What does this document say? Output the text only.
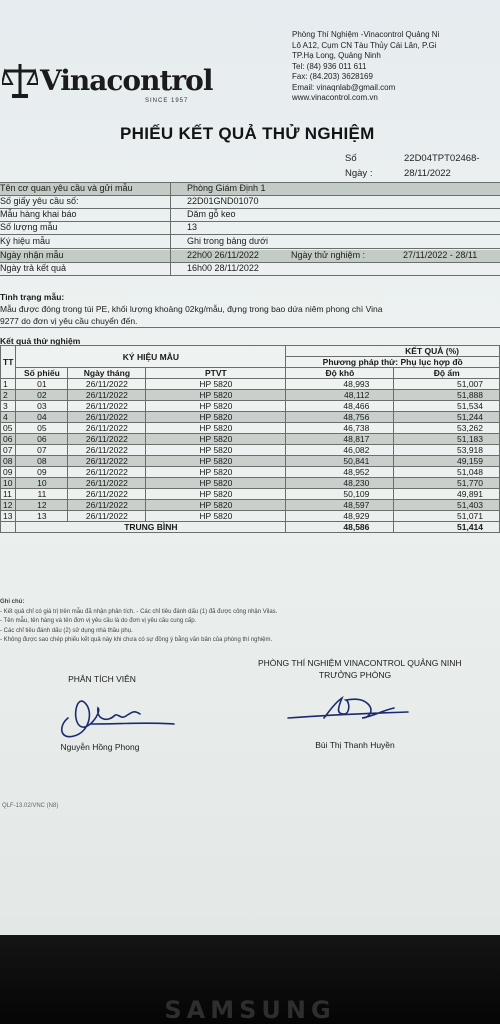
Vinacontrol
SINCE 1957
Phòng Thí Nghiệm -Vinacontrol Quảng Ni
Lô A12, Cụm CN Tàu Thủy Cái Lân, P.Gi
TP.Hạ Long, Quảng Ninh
Tel: (84) 936 011 611
Fax: (84.203) 3628169
Email: vinaqnlab@gmail.com
www.vinacontrol.com.vn
PHIẾU KẾT QUẢ THỬ NGHIỆM
Số	22D04TPT02468-
Ngày :	28/11/2022
Tên cơ quan yêu cầu và gửi mẫu	Phòng Giám Định 1
Số giấy yêu cầu số:	22D01GND01070
Mẫu hàng khai báo	Dăm gỗ keo
Số lượng mẫu	13
Ký hiệu mẫu	Ghi trong bảng dưới
Ngày nhận mẫu	22h00 26/11/2022	Ngày thử nghiệm :	27/11/2022 - 28/11
Ngày trả kết quả	16h00 28/11/2022
Tình trạng mẫu:
Mẫu được đóng trong túi PE, khối lượng khoảng 02kg/mẫu, đựng trong bao dứa niêm phong chì Vina
9277 do đơn vị yêu cầu chuyển đến.
Kết quả thử nghiệm
TT	KÝ HIỆU MẪU			KẾT QUẢ (%)	
				Phương pháp thử: Phụ lục hợp đồ	
	Số phiếu	Ngày tháng	PTVT	Độ khô	Độ ẩm
1	01	26/11/2022	HP 5820	48,993	51,007
2	02	26/11/2022	HP 5820	48,112	51,888
3	03	26/11/2022	HP 5820	48,466	51,534
4	04	26/11/2022	HP 5820	48,756	51,244
05	05	26/11/2022	HP 5820	46,738	53,262
06	06	26/11/2022	HP 5820	48,817	51,183
07	07	26/11/2022	HP 5820	46,082	53,918
08	08	26/11/2022	HP 5820	50,841	49,159
09	09	26/11/2022	HP 5820	48,952	51,048
10	10	26/11/2022	HP 5820	48,230	51,770
11	11	26/11/2022	HP 5820	50,109	49,891
12	12	26/11/2022	HP 5820	48,597	51,403
13	13	26/11/2022	HP 5820	48,929	51,071
	TRUNG BÌNH			48,586	51,414
Ghi chú:
- Kết quả chỉ có giá trị trên mẫu đã nhận phân tích. - Các chỉ tiêu đánh dấu (1) đã được công nhận Vilas.
- Tên mẫu, tên hàng và tên đơn vị yêu cầu là do đơn vị yêu cầu cung cấp.
- Các chỉ tiêu đánh dấu (2) sử dụng nhà thầu phụ.
- Không được sao chép phiếu kết quả này khi chưa có sự đồng ý bằng văn bản của phòng thí nghiệm.
PHÒNG THÍ NGHIỆM VINACONTROL QUẢNG NINH
PHÂN TÍCH VIÊN	TRƯỞNG PHÒNG
Nguyễn Hồng Phong	Bùi Thị Thanh Huyền
QLF-13.02/VNC (N8)
SAMSUNG
